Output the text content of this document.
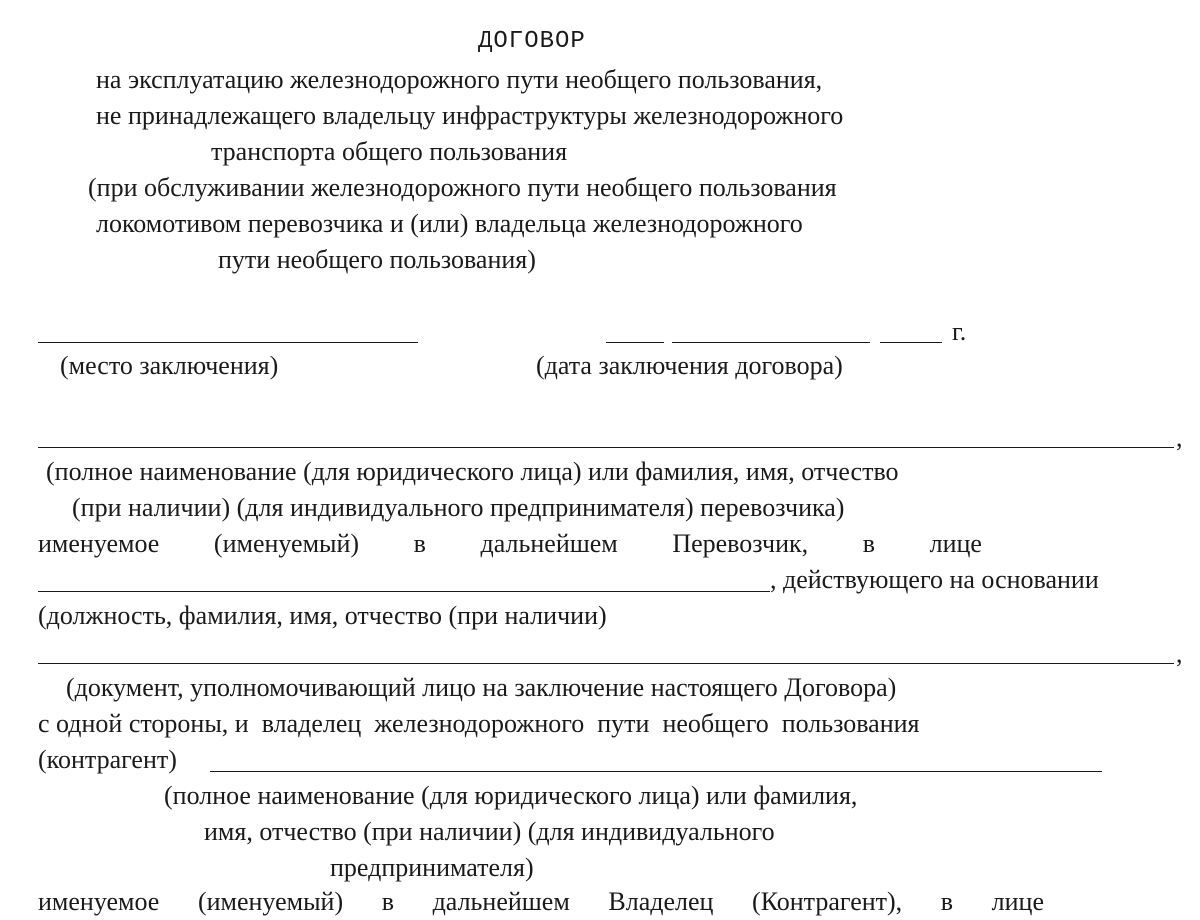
ДОГОВОР

на эксплуатацию железнодорожного пути необщего пользования,

не принадлежащего владельцу инфраструктуры железнодорожного

транспорта общего пользования

(при обслуживании железнодорожного пути необщего пользования

локомотивом перевозчика и (или) владельца железнодорожного

пути необщего пользования)

г.

(место заключения)	(дата заключения договора)

,

(полное наименование (для юридического лица) или фамилия, имя, отчество

(при наличии) (для индивидуального предпринимателя) перевозчика)

именуемое (именуемый) в дальнейшем Перевозчик, в лице

, действующего на основании

(должность, фамилия, имя, отчество (при наличии)

,

(документ, уполномочивающий лицо на заключение настоящего Договора)

с одной стороны, и  владелец  железнодорожного  пути  необщего  пользования

(контрагент)

(полное наименование (для юридического лица) или фамилия,

имя, отчество (при наличии) (для индивидуального

предпринимателя)

именуемое (именуемый) в дальнейшем Владелец (Контрагент), в лице
